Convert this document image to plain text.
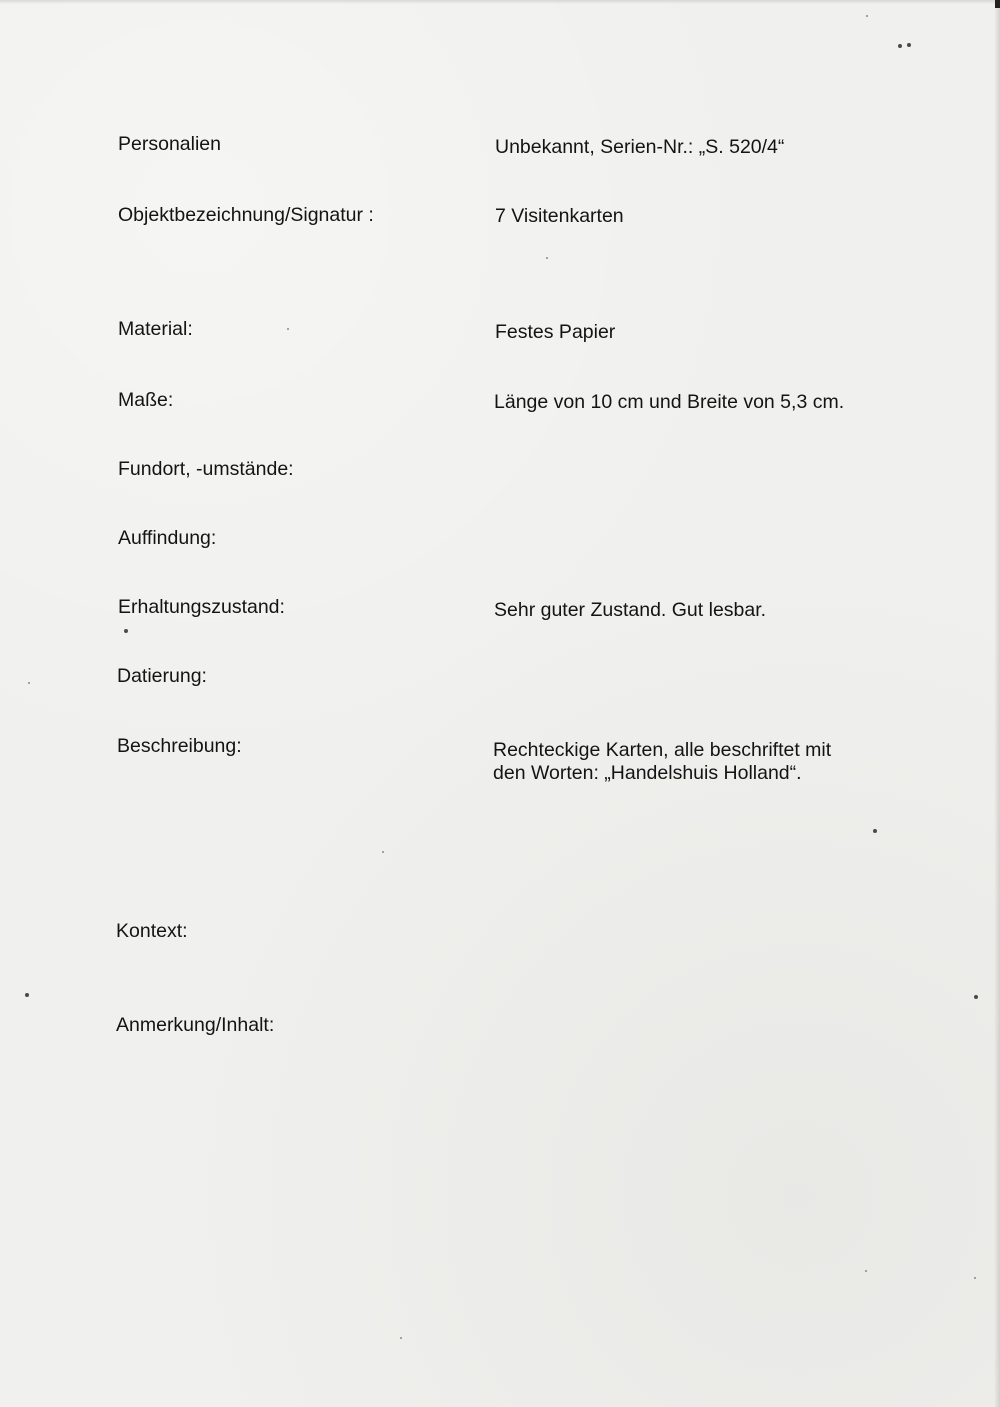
Personalien	Unbekannt, Serien-Nr.: „S. 520/4“
Objektbezeichnung/Signatur :	7 Visitenkarten
Material:	Festes Papier
Maße:	Länge von 10 cm und Breite von 5,3 cm.
Fundort, -umstände:
Auffindung:
Erhaltungszustand:	Sehr guter Zustand. Gut lesbar.
Datierung:
Beschreibung:	Rechteckige Karten, alle beschriftet mit
den Worten: „Handelshuis Holland“.
Kontext:
Anmerkung/Inhalt:
